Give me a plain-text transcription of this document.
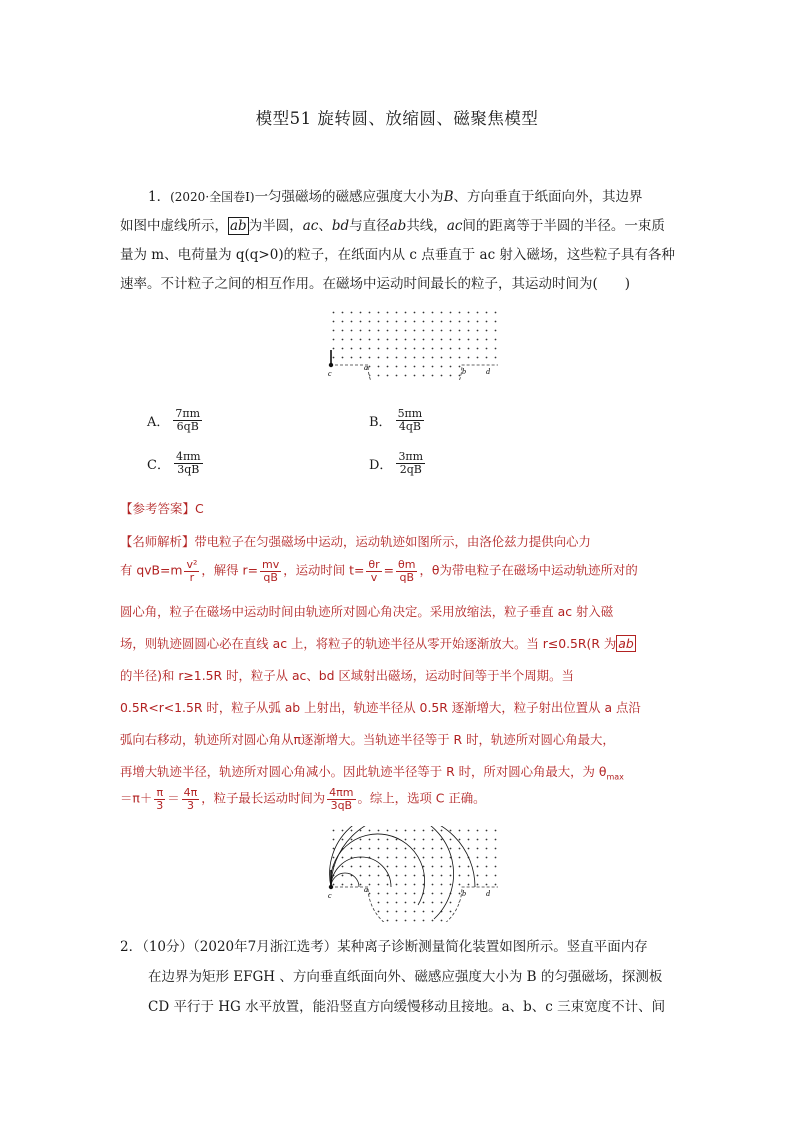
模型51 旋转圆、放缩圆、磁聚焦模型
1．(2020·全国卷Ⅰ)一匀强磁场的磁感应强度大小为B、方向垂直于纸面向外，其边界
如图中虚线所示， ab 为半圆，ac、bd与直径ab共线，ac间的距离等于半圆的半径。一束质
量为 m、电荷量为 q(q>0)的粒子，在纸面内从 c 点垂直于 ac 射入磁场，这些粒子具有各种
速率。不计粒子之间的相互作用。在磁场中运动时间最长的粒子，其运动时间为(　　)
c
a	b	d
A． $\frac{7\pi m}{6qB}$	B． $\frac{5\pi m}{4qB}$
C． $\frac{4\pi m}{3qB}$	D． $\frac{3\pi m}{2qB}$
【参考答案】C
【名师解析】带电粒子在匀强磁场中运动，运动轨迹如图所示，由洛伦兹力提供向心力
有 $qvB=m \frac{\text{v²}}{r}$ ，解得 $r= \frac{mv}{qB}$ ，运动时间 $t= \frac{\theta r}{v} = \frac{\theta m}{qB}$ ，θ为带电粒子在磁场中运动轨迹所对的
圆心角，粒子在磁场中运动时间由轨迹所对圆心角决定。采用放缩法，粒子垂直 ac 射入磁
场，则轨迹圆圆心必在直线 ac 上，将粒子的轨迹半径从零开始逐渐放大。当 r≤0.5R(R 为 ab
的半径)和 r≥1.5R 时，粒子从 ac、bd 区域射出磁场，运动时间等于半个周期。当
0.5R<r<1.5R 时，粒子从弧 ab 上射出，轨迹半径从 0.5R 逐渐增大，粒子射出位置从 a 点沿
弧向右移动，轨迹所对圆心角从π逐渐增大。当轨迹半径等于 R 时，轨迹所对圆心角最大，
再增大轨迹半径，轨迹所对圆心角减小。因此轨迹半径等于 R 时，所对圆心角最大，为 $\theta_{max}$
$=\pi+ \frac{\pi}{3} = \frac{4\pi}{3}$ ，粒子最长运动时间为 $\frac{4\pi m}{3qB}$ 。综上，选项 C 正确。
c
a	b	d
2．（10分）（2020年7月浙江选考）某种离子诊断测量简化装置如图所示。竖直平面内存
在边界为矩形 EFGH 、方向垂直纸面向外、磁感应强度大小为 B 的匀强磁场，探测板
CD 平行于 HG 水平放置，能沿竖直方向缓慢移动且接地。a、b、c 三束宽度不计、间
